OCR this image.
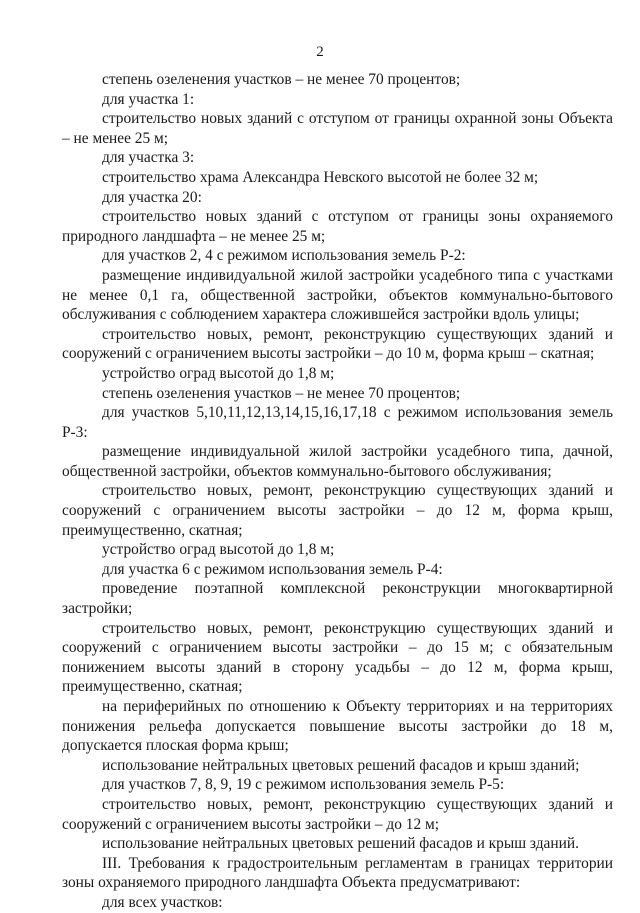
2

степень озеленения участков – не менее 70 процентов;

для участка 1:

строительство новых зданий с отступом от границы охранной зоны Объекта – не менее 25 м;

для участка 3:

строительство храма Александра Невского высотой не более 32 м;

для участка 20:

строительство новых зданий с отступом от границы зоны охраняемого природного ландшафта – не менее 25 м;

для участков 2, 4 с режимом использования земель Р-2:

размещение индивидуальной жилой застройки усадебного типа с участками не менее 0,1 га, общественной застройки, объектов коммунально-бытового обслуживания с соблюдением характера сложившейся застройки вдоль улицы;

строительство новых, ремонт, реконструкцию существующих зданий и сооружений с ограничением высоты застройки – до 10 м, форма крыш – скатная;

устройство оград высотой до 1,8 м;

степень озеленения участков – не менее 70 процентов;

для участков 5,10,11,12,13,14,15,16,17,18 с режимом использования земель Р-3:

размещение индивидуальной жилой застройки усадебного типа, дачной, общественной застройки, объектов коммунально-бытового обслуживания;

строительство новых, ремонт, реконструкцию существующих зданий и сооружений с ограничением высоты застройки – до 12 м, форма крыш, преимущественно, скатная;

устройство оград высотой до 1,8 м;

для участка 6 с режимом использования земель Р-4:

проведение поэтапной комплексной реконструкции многоквартирной застройки;

строительство новых, ремонт, реконструкцию существующих зданий и сооружений с ограничением высоты застройки – до 15 м; с обязательным понижением высоты зданий в сторону усадьбы – до 12 м, форма крыш, преимущественно, скатная;

на периферийных по отношению к Объекту территориях и на территориях понижения рельефа допускается повышение высоты застройки до 18 м, допускается плоская форма крыш;

использование нейтральных цветовых решений фасадов и крыш зданий;

для участков 7, 8, 9, 19 с режимом использования земель Р-5:

строительство новых, ремонт, реконструкцию существующих зданий и сооружений с ограничением высоты застройки – до 12 м;

использование нейтральных цветовых решений фасадов и крыш зданий.

III. Требования к градостроительным регламентам в границах территории зоны охраняемого природного ландшафта Объекта предусматривают:

для всех участков:
